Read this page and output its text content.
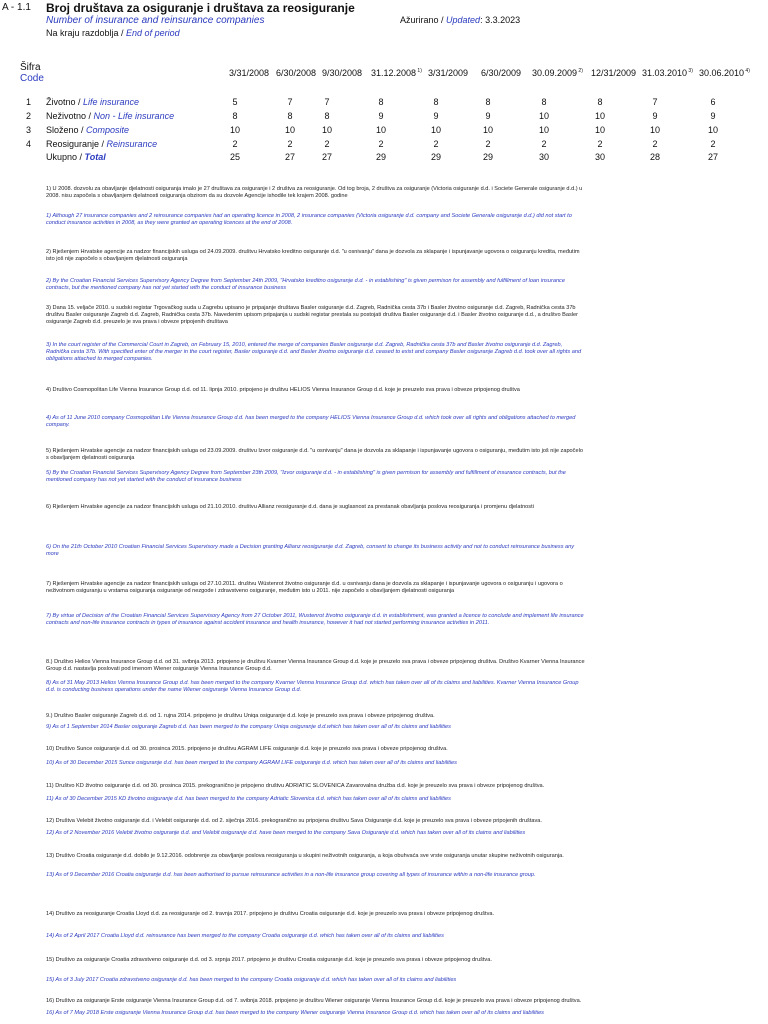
A - 1.1 Broj društava za osiguranje i društava za reosiguranje
Number of insurance and reinsurance companies	Ažurirano / Updated: 3.3.2023
Na kraju razdoblja / End of period
Šifra
Code	3/31/2008 6/30/2008 9/30/2008 31.12.2008 $^{1)}$ 3/31/2009 6/30/2009 30.09.2009 $^{2)}$ 12/31/2009 31.03.2010 $^{3)}$ 30.06.2010 $^{4)}$
1 Životno / Life insurance	5	7	7	8	8	8	8	8	7	6
2 Neživotno / Non - Life insurance	8	8	8	9	9	9	10	10	9	9
3 Složeno / Composite	10	10	10	10	10	10	10	10	10	10
4 Reosiguranje / Reinsurance	2	2	2	2	2	2	2	2	2	2
Ukupno / Total	25	27	27	29	29	29	30	30	28	27
1) U 2008. dozvolu za obavljanje djelatnosti osiguranja imalo je 27 društava za osiguranje i 2 društva za reosiguranje. Od tog broja, 2 društva za osiguranje (Victoria osiguranje d.d. i Societe Generale osiguranje d.d.) u 2008. nisu započela s obavljanjem djelatnosti osiguranja obzirom da su dozvole Agencije ishodile tek krajem 2008. godine
1) Although 27 insurance companies and 2 reinsurance companies had an operating licence in 2008, 2 insurance companies (Victoria osiguranje d.d. company and Societe Generale osiguranje d.d.) did not start to conduct insurance activities in 2008, as they were granted an operating licences at the end of 2008.
2) Rješenjem Hrvatske agencije za nadzor financijskih usluga od 24.09.2009. društvu Hrvatsko kreditno osiguranje d.d. "u osnivanju" dana je dozvola za sklapanje i ispunjavanje ugovora o osiguranju kredita, međutim isto još nije započelo s obavljanjem djelatnosti osiguranja
2) By the Croatian Financial Services Supervisory Agency Degree from September 24th 2009, "Hrvatsko kreditno osiguranje d.d. - in establishing" is given permison for assembly and fulfillment of loan insurance contracts, but the mentioned company has not yet started with the conduct of insurance business
3) Dana 15. veljače 2010. u sudski registar Trgovačkog suda u Zagrebu upisano je pripajanje društava Basler osiguranje d.d. Zagreb, Radnička cesta 37b i Basler životno osiguranje d.d. Zagreb, Radnička cesta 37b društvu Basler osiguranje Zagreb d.d. Zagreb, Radnička cesta 37b. Navedenim upisom pripajanja u sudski registar prestala su postojati društva Basler osiguranje d.d. i Basler životno osiguranje d.d., a društvo Basler osiguranje Zagreb d.d. preuzelo je sva prava i obveze pripojenih društava
3) In the court register of the Commercial Court in Zagreb, on February 15, 2010, entered the merge of companies Basler osiguranje d.d. Zagreb, Radnička cesta 37b and Basler životno osiguranje d.d. Zagreb, Radnička cesta 37b. With specified enter of the merger in the court register, Basler osiguranje d.d. and Basler životno osiguranje d.d. ceased to exist and company Basler osiguranje Zagreb d.d. took over all rights and obligations attached to merged companies.
4) Društvo Cosmopolitan Life Vienna Insurance Group d.d. od 11. lipnja 2010. pripojeno je društvu HELIOS Vienna Insurance Group d.d. koje je preuzelo sva prava i obveze pripojenog društva
4) As of 11 June 2010 company Cosmopolitan Life Vienna Insurance Group d.d. has been merged to the company HELIOS Vienna Insurance Group d.d. which took over all rights and obligations attached to merged company.
5) Rješenjem Hrvatske agencije za nadzor financijskih usluga od 23.09.2009. društvu Izvor osiguranje d.d. "u osnivanju" dana je dozvola za sklapanje i ispunjavanje ugovora o osiguranju, međutim isto još nije započelo s obavljanjem djelatnosti osiguranja
5) By the Croatian Financial Services Supervisory Agency Degree from September 23th 2009, "Izvor osiguranje d.d. - in establishing" is given permison for assembly and fulfillment of insurance contracts, but the mentioned company has not yet started with the conduct of insurance business
6) Rješenjem Hrvatske agencije za nadzor financijskih usluga od 21.10.2010. društvu Allianz reosiguranje d.d. dana je suglasnost za prestanak obavljanja poslova reosiguranja i promjenu djelatnosti
6) On the 21th October 2010 Croatian Financial Services Supervisory made a Decision granting Allianz reosiguranje d.d. Zagreb, consent to change its business activity and not to conduct reinsurance business any more
7) Rješenjem Hrvatske agencije za nadzor financijskih usluga od 27.10.2011. društvu Wüstenrot životno osiguranje d.d. u osnivanju dana je dozvola za sklapanje i ispunjavanje ugovora o osiguranju i ugovora o neživotnom osiguranju u vrstama osiguranja osiguranje od nezgode i zdravstveno osiguranje, međutim isto u 2011. nije započelo s obavljanjem djelatnosti osiguranja
7) By virtue of Decision of the Croatian Financial Services Supervisory Agency from 27 October 2011, Wustenrot životno osiguranje d.d. in establishment, was granted a licence to conclude and implement life insurance contracts and non-life insurance contracts in types of insurance against accident insurance and health insurance, however it had not started performing insurance activities in 2011.
8.) Društvo Helios Vienna Insurance Group d.d. od 31. svibnja 2013. pripojeno je društvu Kvarner Vienna Insurance Group d.d. koje je preuzelo sva prava i obveze pripojenog društva. Društvo Kvarner Vienna Insurance Group d.d. nastavlja poslovati pod imenom Wiener osiguranje Vienna Insurance Group d.d.
8) As of 31 May 2013 Helios Vienna Insurance Group d.d. has been merged to the company Kvarner Vienna Insurance Group d.d. which has taken over all of its claims and liabilities. Kvarner Vienna Insurance Group d.d. is conducting business operations under the name Wiener osiguranje Vienna Insurance Group d.d.
9.) Društvo Basler osiguranje Zagreb d.d. od 1. rujna 2014. pripojeno je društvu Uniqa osiguranje d.d. koje je preuzelo sva prava i obveze pripojenog društva.
9) As of 1 September 2014 Basler osiguranje Zagreb d.d. has been merged to the company Uniqa osiguranje d.d.which has taken over all of its claims and liabilities
10) Društvo Sunce osiguranje d.d. od 30. prosinca 2015. pripojeno je društvu AGRAM LIFE osiguranje d.d. koje je preuzelo sva prava i obveze pripojenog društva.
10) As of 30 December 2015 Sunce osiguranje d.d. has been merged to the company AGRAM LIFE osiguranje d.d. which has taken over all of its claims and liabilities
11) Društvo KD životno osiguranje d.d. od 30. prosinca 2015. prekogranično je pripojeno društvu ADRIATIC SLOVENICA Zavarovalna družba d.d. koje je preuzelo sva prava i obveze pripojenog društva.
11) As of 30 December 2015 KD životno osiguranje d.d. has been merged to the company Adriatic Slovenica d.d. which has taken over all of its claims and liabilities
12) Društva Velebit životno osiguranje d.d. i Velebit osiguranje d.d. od 2. siječnja 2016. prekogranično su pripojena društvu Sava Osiguranje d.d. koje je preuzelo sva prava i obveze pripojenih društava.
12) As of 2 November 2016 Velebit životno osiguranje d.d. and Velebit osiguranje d.d. have been merged to the company Sava Osiguranje d.d. which has taken over all of its claims and liabilities
13) Društvo Croatia osiguranje d.d. dobilo je 9.12.2016. odobrenje za obavljanje poslova reosiguranja u skupini neživotnih osiguranja, a koja obuhvaća sve vrste osiguranja unutar skupine neživotnih osiguranja.
13) As of 9 December 2016 Croatia osiguranje d.d. has been authorised to pursue reinsurance activities in a non-life insurance group covering all types of insurance within a non-life insurance group.
14) Društvo za reosiguranje Croatia Lloyd d.d. za reosiguranje od 2. travnja 2017. pripojeno je društvu Croatia osiguranje d.d. koje je preuzelo sva prava i obveze pripojenog društva.
14) As of 2 April 2017 Croatia Lloyd d.d. reinsurance has been merged to the company Croatia osiguranje d.d. which has taken over all of its claims and liabilities
15) Društvo za osiguranje Croatia zdravstveno osiguranje d.d. od 3. srpnja 2017. pripojeno je društvu Croatia osiguranje d.d. koje je preuzelo sva prava i obveze pripojenog društva.
15) As of 3 July 2017 Croatia zdravstveno osiguranje d.d. has been merged to the company Croatia osiguranje d.d. which has taken over all of its claims and liabilities
16) Društvo za osiguranje Erste osiguranje Vienna Insurance Group d.d. od 7. svibnja 2018. pripojeno je društvu Wiener osiguranje Vienna Insurance Group d.d. koje je preuzelo sva prava i obveze pripojenog društva.
16) As of 7 May 2018 Erste osiguranje Vienna Insurance Group d.d. has been merged to the company Wiener osiguranje Vienna Insurance Group d.d. which has taken over all of its claims and liabilities
